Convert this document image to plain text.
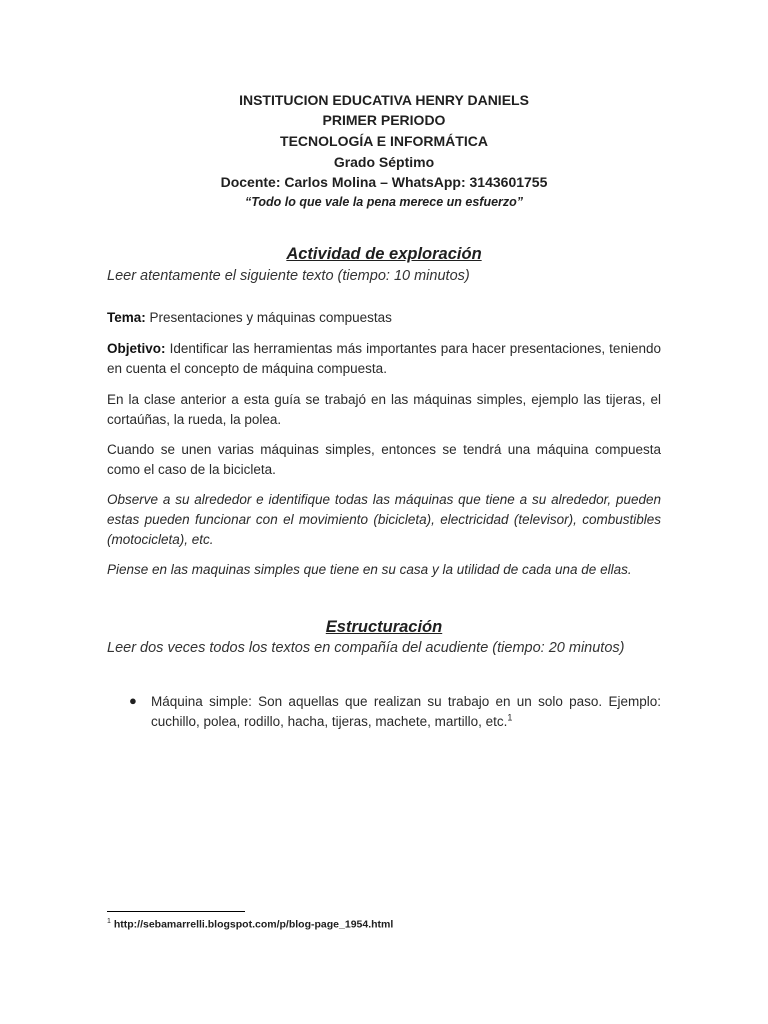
INSTITUCION EDUCATIVA HENRY DANIELS
PRIMER PERIODO
TECNOLOGÍA E INFORMÁTICA
Grado Séptimo
Docente: Carlos Molina – WhatsApp: 3143601755
“Todo lo que vale la pena merece un esfuerzo”
Actividad de exploración
Leer atentamente el siguiente texto (tiempo: 10 minutos)
Tema: Presentaciones y máquinas compuestas
Objetivo: Identificar las herramientas más importantes para hacer presentaciones, teniendo en cuenta el concepto de máquina compuesta.
En la clase anterior a esta guía se trabajó en las máquinas simples, ejemplo las tijeras, el cortaúñas, la rueda, la polea.
Cuando se unen varias máquinas simples, entonces se tendrá una máquina compuesta como el caso de la bicicleta.
Observe a su alrededor e identifique todas las máquinas que tiene a su alrededor, pueden estas pueden funcionar con el movimiento (bicicleta), electricidad (televisor), combustibles (motocicleta), etc.
Piense en las maquinas simples que tiene en su casa y la utilidad de cada una de ellas.
Estructuración
Leer dos veces todos los textos en compañía del acudiente (tiempo: 20 minutos)
● Máquina simple: Son aquellas que realizan su trabajo en un solo paso. Ejemplo: cuchillo, polea, rodillo, hacha, tijeras, machete, martillo, etc.$^1$
$^1$ http://sebamarrelli.blogspot.com/p/blog-page_1954.html
